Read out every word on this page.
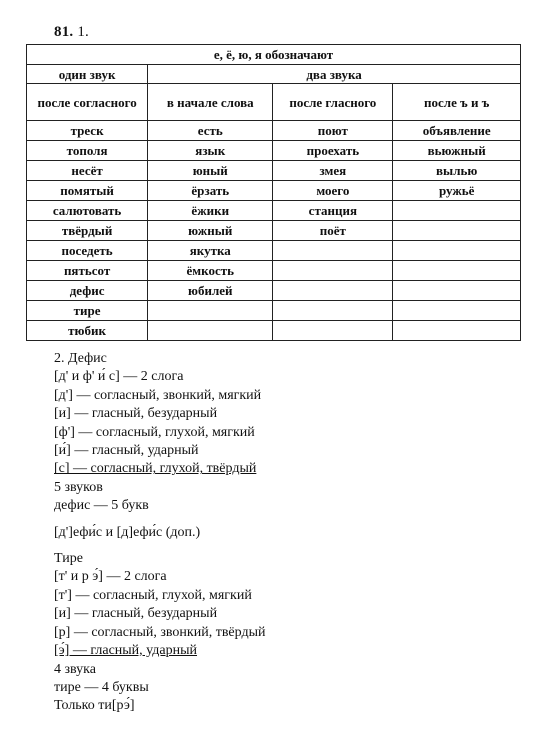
81. 1.
е, ё, ю, я обозначают			
один звук	два звука		
после согласного	в начале слова	после гласного	после ъ и ъ
треск	есть	поют	объявление
тополя	язык	проехать	вьюжный
несёт	юный	змея	вылью
помятый	ёрзать	моего	ружьё
салютовать	ёжики	станция	
твёрдый	южный	поёт	
поседеть	якутка		
пятьсот	ёмкость		
дефис	юбилей		
тире			
тюбик			
2. Дефис
[д' и ф' и́ с] — 2 слога
[д'] — согласный, звонкий, мягкий
[и] — гласный, безударный
[ф'] — согласный, глухой, мягкий
[и́] — гласный, ударный
[с] — согласный, глухой, твёрдый
5 звуков
дефис — 5 букв
[д']ефи́с и [д]ефи́с (доп.)
Тире
[т' и р э́] — 2 слога
[т'] — согласный, глухой, мягкий
[и] — гласный, безударный
[р] — согласный, звонкий, твёрдый
[э́] — гласный, ударный
4 звука
тире — 4 буквы
Только ти[рэ́]
